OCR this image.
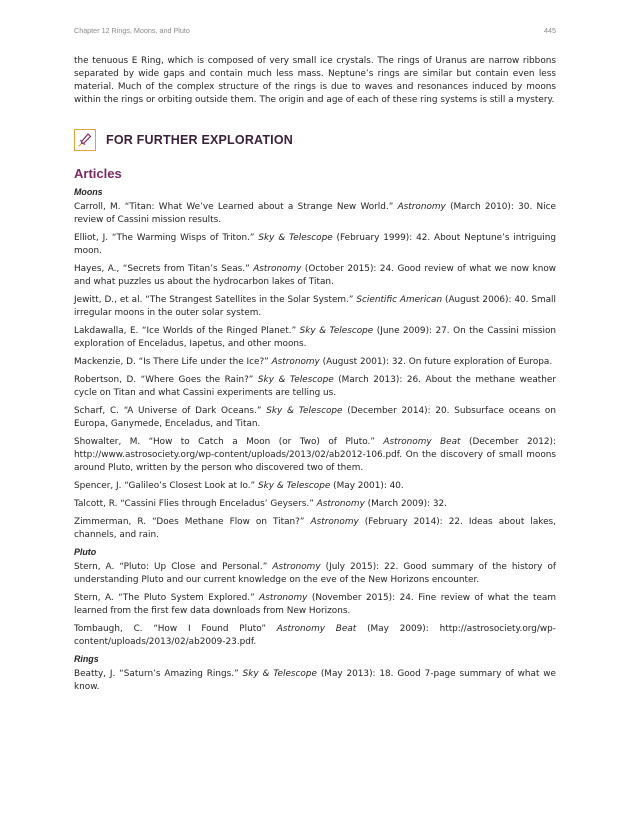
Chapter 12 Rings, Moons, and Pluto	445

the tenuous E Ring, which is composed of very small ice crystals. The rings of Uranus are narrow ribbons separated by wide gaps and contain much less mass. Neptune’s rings are similar but contain even less material. Much of the complex structure of the rings is due to waves and resonances induced by moons within the rings or orbiting outside them. The origin and age of each of these ring systems is still a mystery.

FOR FURTHER EXPLORATION
Articles
Moons

Carroll, M. “Titan: What We’ve Learned about a Strange New World.” Astronomy (March 2010): 30. Nice review of Cassini mission results.

Elliot, J. “The Warming Wisps of Triton.” Sky & Telescope (February 1999): 42. About Neptune’s intriguing moon.

Hayes, A., “Secrets from Titan’s Seas.” Astronomy (October 2015): 24. Good review of what we now know and what puzzles us about the hydrocarbon lakes of Titan.

Jewitt, D., et al. “The Strangest Satellites in the Solar System.” Scientific American (August 2006): 40. Small irregular moons in the outer solar system.

Lakdawalla, E. “Ice Worlds of the Ringed Planet.” Sky & Telescope (June 2009): 27. On the Cassini mission exploration of Enceladus, Iapetus, and other moons.

Mackenzie, D. “Is There Life under the Ice?” Astronomy (August 2001): 32. On future exploration of Europa.

Robertson, D. “Where Goes the Rain?” Sky & Telescope (March 2013): 26. About the methane weather cycle on Titan and what Cassini experiments are telling us.

Scharf, C. “A Universe of Dark Oceans.” Sky & Telescope (December 2014): 20. Subsurface oceans on Europa, Ganymede, Enceladus, and Titan.

Showalter, M. “How to Catch a Moon (or Two) of Pluto.” Astronomy Beat (December 2012): http://www.astrosociety.org/wp-content/uploads/2013/02/ab2012-106.pdf. On the discovery of small moons around Pluto, written by the person who discovered two of them.

Spencer, J. “Galileo’s Closest Look at Io.” Sky & Telescope (May 2001): 40.

Talcott, R. “Cassini Flies through Enceladus’ Geysers.” Astronomy (March 2009): 32.

Zimmerman, R. “Does Methane Flow on Titan?” Astronomy (February 2014): 22. Ideas about lakes, channels, and rain.

Pluto

Stern, A. “Pluto: Up Close and Personal.” Astronomy (July 2015): 22. Good summary of the history of understanding Pluto and our current knowledge on the eve of the New Horizons encounter.

Stern, A. “The Pluto System Explored.” Astronomy (November 2015): 24. Fine review of what the team learned from the first few data downloads from New Horizons.

Tombaugh, C. “How I Found Pluto” Astronomy Beat (May 2009): http://astrosociety.org/wp-content/uploads/2013/02/ab2009-23.pdf.

Rings

Beatty, J. “Saturn’s Amazing Rings.” Sky & Telescope (May 2013): 18. Good 7-page summary of what we know.
